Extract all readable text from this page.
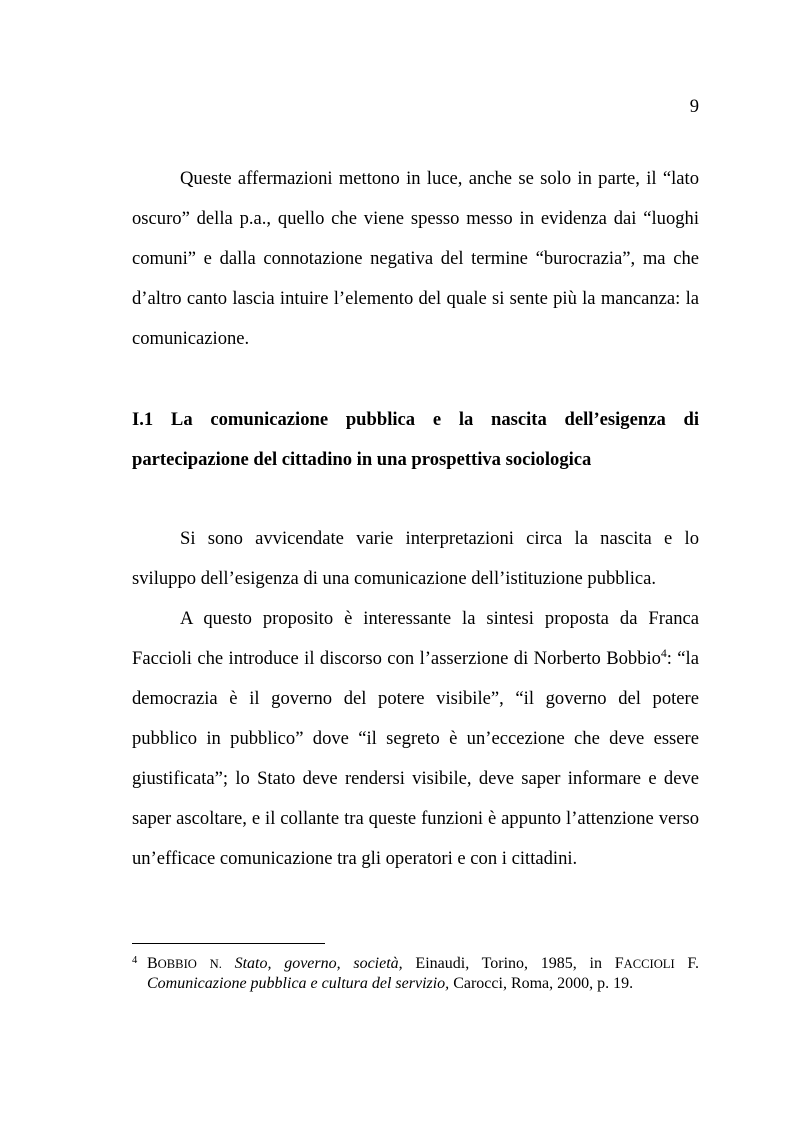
9
Queste affermazioni mettono in luce, anche se solo in parte, il “lato
oscuro” della p.a., quello che viene spesso messo in evidenza dai “luoghi
comuni” e dalla connotazione negativa del termine “burocrazia”, ma che
d’altro canto lascia intuire l’elemento del quale si sente più la mancanza: la
comunicazione.
I.1 La comunicazione pubblica e la nascita dell’esigenza di
partecipazione del cittadino in una prospettiva sociologica
Si sono avvicendate varie interpretazioni circa la nascita e lo
sviluppo dell’esigenza di una comunicazione dell’istituzione pubblica.
A questo proposito è interessante la sintesi proposta da Franca
Faccioli che introduce il discorso con l’asserzione di Norberto Bobbio$^4$: “la
democrazia è il governo del potere visibile”, “il governo del potere
pubblico in pubblico” dove “il segreto è un’eccezione che deve essere
giustificata”; lo Stato deve rendersi visibile, deve saper informare e deve
saper ascoltare, e il collante tra queste funzioni è appunto l’attenzione verso
un’efficace comunicazione tra gli operatori e con i cittadini.
4 BOBBIO N. Stato, governo, società, Einaudi, Torino, 1985, in FACCIOLI F.
Comunicazione pubblica e cultura del servizio, Carocci, Roma, 2000, p. 19.
